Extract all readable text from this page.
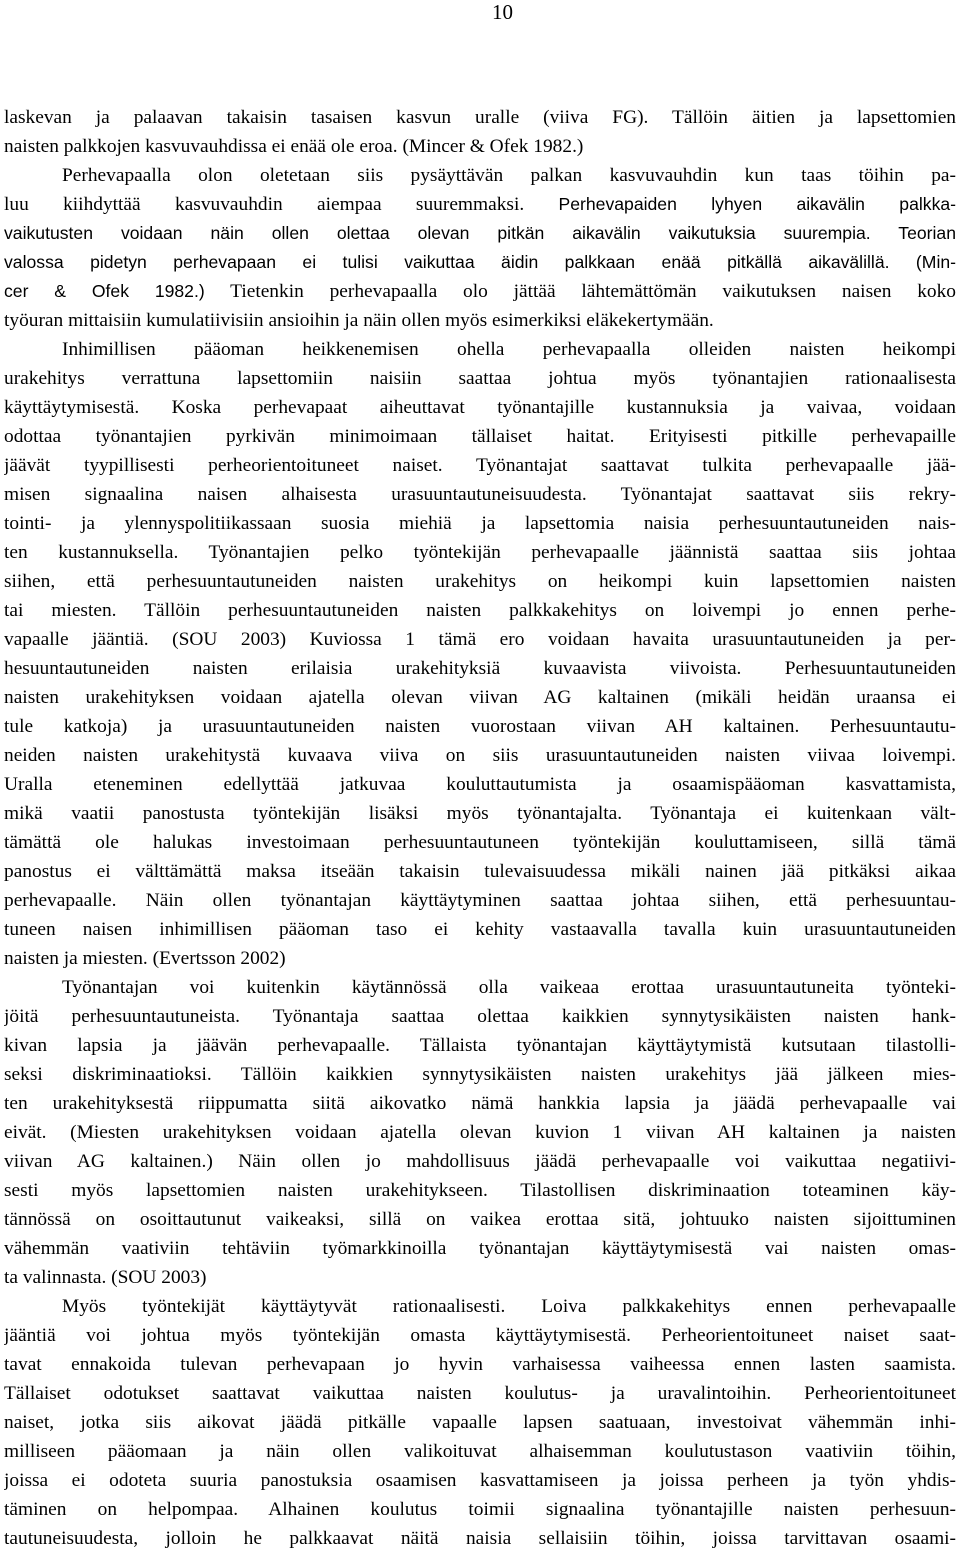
10
laskevan ja palaavan takaisin tasaisen kasvun uralle (viiva FG). Tällöin äitien ja lapsettomien
naisten palkkojen kasvuvauhdissa ei enää ole eroa. (Mincer & Ofek 1982.)
Perhevapaalla olon oletetaan siis pysäyttävän palkan kasvuvauhdin kun taas töihin pa-
luu kiihdyttää kasvuvauhdin aiempaa suuremmaksi. Perhevapaiden lyhyen aikavälin palkka-
vaikutusten voidaan näin ollen olettaa olevan pitkän aikavälin vaikutuksia suurempia. Teorian
valossa pidetyn perhevapaan ei tulisi vaikuttaa äidin palkkaan enää pitkällä aikavälillä. (Min-
cer & Ofek 1982.) Tietenkin perhevapaalla olo jättää lähtemättömän vaikutuksen naisen koko
työuran mittaisiin kumulatiivisiin ansioihin ja näin ollen myös esimerkiksi eläkekertymään.
Inhimillisen pääoman heikkenemisen ohella perhevapaalla olleiden naisten heikompi
urakehitys verrattuna lapsettomiin naisiin saattaa johtua myös työnantajien rationaalisesta
käyttäytymisestä. Koska perhevapaat aiheuttavat työnantajille kustannuksia ja vaivaa, voidaan
odottaa työnantajien pyrkivän minimoimaan tällaiset haitat. Erityisesti pitkille perhevapaille
jäävät tyypillisesti perheorientoituneet naiset. Työnantajat saattavat tulkita perhevapaalle jää-
misen signaalina naisen alhaisesta urasuuntautuneisuudesta. Työnantajat saattavat siis rekry-
tointi- ja ylennyspolitiikassaan suosia miehiä ja lapsettomia naisia perhesuuntautuneiden nais-
ten kustannuksella. Työnantajien pelko työntekijän perhevapaalle jäännistä saattaa siis johtaa
siihen, että perhesuuntautuneiden naisten urakehitys on heikompi kuin lapsettomien naisten
tai miesten. Tällöin perhesuuntautuneiden naisten palkkakehitys on loivempi jo ennen perhe-
vapaalle jääntiä. (SOU 2003) Kuviossa 1 tämä ero voidaan havaita urasuuntautuneiden ja per-
hesuuntautuneiden naisten erilaisia urakehityksiä kuvaavista viivoista. Perhesuuntautuneiden
naisten urakehityksen voidaan ajatella olevan viivan AG kaltainen (mikäli heidän uraansa ei
tule katkoja) ja urasuuntautuneiden naisten vuorostaan viivan AH kaltainen. Perhesuuntautu-
neiden naisten urakehitystä kuvaava viiva on siis urasuuntautuneiden naisten viivaa loivempi.
Uralla eteneminen edellyttää jatkuvaa kouluttautumista ja osaamispääoman kasvattamista,
mikä vaatii panostusta työntekijän lisäksi myös työnantajalta. Työnantaja ei kuitenkaan vält-
tämättä ole halukas investoimaan perhesuuntautuneen työntekijän kouluttamiseen, sillä tämä
panostus ei välttämättä maksa itseään takaisin tulevaisuudessa mikäli nainen jää pitkäksi aikaa
perhevapaalle. Näin ollen työnantajan käyttäytyminen saattaa johtaa siihen, että perhesuuntau-
tuneen naisen inhimillisen pääoman taso ei kehity vastaavalla tavalla kuin urasuuntautuneiden
naisten ja miesten. (Evertsson 2002)
Työnantajan voi kuitenkin käytännössä olla vaikeaa erottaa urasuuntautuneita työnteki-
jöitä perhesuuntautuneista. Työnantaja saattaa olettaa kaikkien synnytysikäisten naisten hank-
kivan lapsia ja jäävän perhevapaalle. Tällaista työnantajan käyttäytymistä kutsutaan tilastolli-
seksi diskriminaatioksi. Tällöin kaikkien synnytysikäisten naisten urakehitys jää jälkeen mies-
ten urakehityksestä riippumatta siitä aikovatko nämä hankkia lapsia ja jäädä perhevapaalle vai
eivät. (Miesten urakehityksen voidaan ajatella olevan kuvion 1 viivan AH kaltainen ja naisten
viivan AG kaltainen.) Näin ollen jo mahdollisuus jäädä perhevapaalle voi vaikuttaa negatiivi-
sesti myös lapsettomien naisten urakehitykseen. Tilastollisen diskriminaation toteaminen käy-
tännössä on osoittautunut vaikeaksi, sillä on vaikea erottaa sitä, johtuuko naisten sijoittuminen
vähemmän vaativiin tehtäviin työmarkkinoilla työnantajan käyttäytymisestä vai naisten omas-
ta valinnasta. (SOU 2003)
Myös työntekijät käyttäytyvät rationaalisesti. Loiva palkkakehitys ennen perhevapaalle
jääntiä voi johtua myös työntekijän omasta käyttäytymisestä. Perheorientoituneet naiset saat-
tavat ennakoida tulevan perhevapaan jo hyvin varhaisessa vaiheessa ennen lasten saamista.
Tällaiset odotukset saattavat vaikuttaa naisten koulutus- ja uravalintoihin. Perheorientoituneet
naiset, jotka siis aikovat jäädä pitkälle vapaalle lapsen saatuaan, investoivat vähemmän inhi-
milliseen pääomaan ja näin ollen valikoituvat alhaisemman koulutustason vaativiin töihin,
joissa ei odoteta suuria panostuksia osaamisen kasvattamiseen ja joissa perheen ja työn yhdis-
täminen on helpompaa. Alhainen koulutus toimii signaalina työnantajille naisten perhesuun-
tautuneisuudesta, jolloin he palkkaavat näitä naisia sellaisiin töihin, joissa tarvittavan osaami-
